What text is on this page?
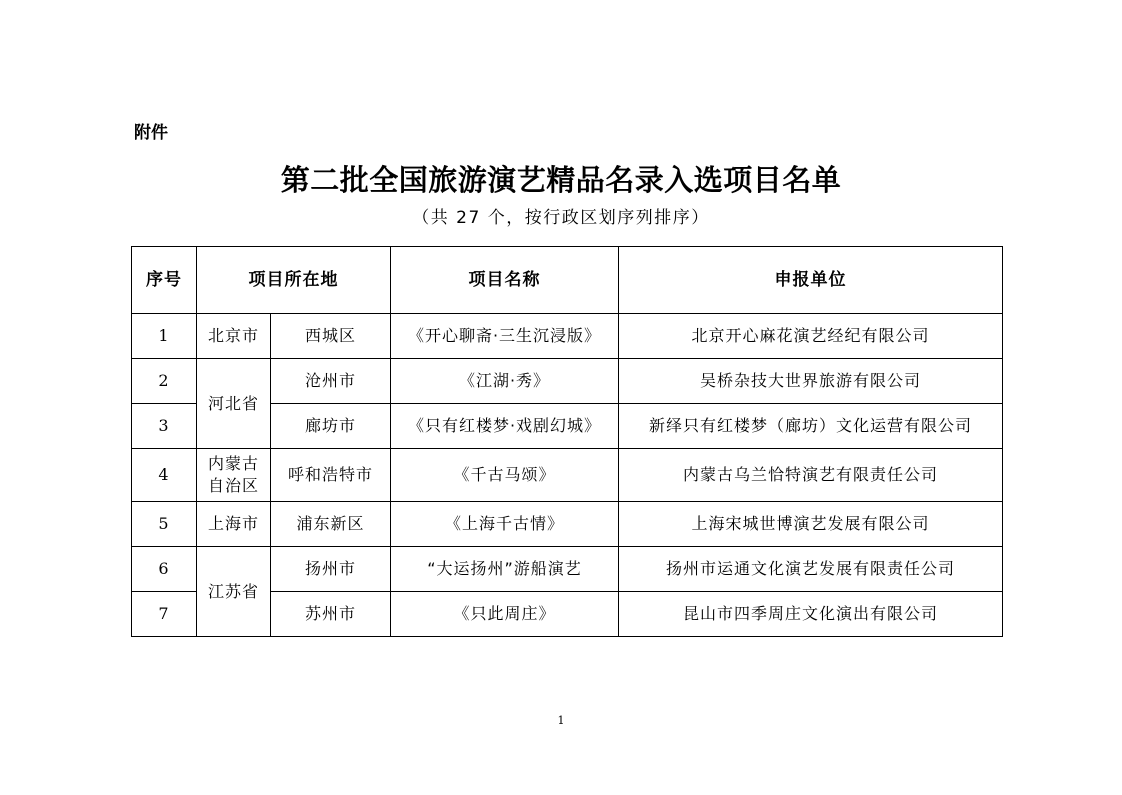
附件
第二批全国旅游演艺精品名录入选项目名单
（共 27 个，按行政区划序列排序）
序号	项目所在地		项目名称	申报单位
1	北京市	西城区	《开心聊斋·三生沉浸版》	北京开心麻花演艺经纪有限公司
2	河北省	沧州市	《江湖·秀》	吴桥杂技大世界旅游有限公司
3		廊坊市	《只有红楼梦·戏剧幻城》	新绎只有红楼梦（廊坊）文化运营有限公司
4	内蒙古
自治区	呼和浩特市	《千古马颂》	内蒙古乌兰恰特演艺有限责任公司
5	上海市	浦东新区	《上海千古情》	上海宋城世博演艺发展有限公司
6	江苏省	扬州市	“大运扬州”游船演艺	扬州市运通文化演艺发展有限责任公司
7		苏州市	《只此周庄》	昆山市四季周庄文化演出有限公司
1
